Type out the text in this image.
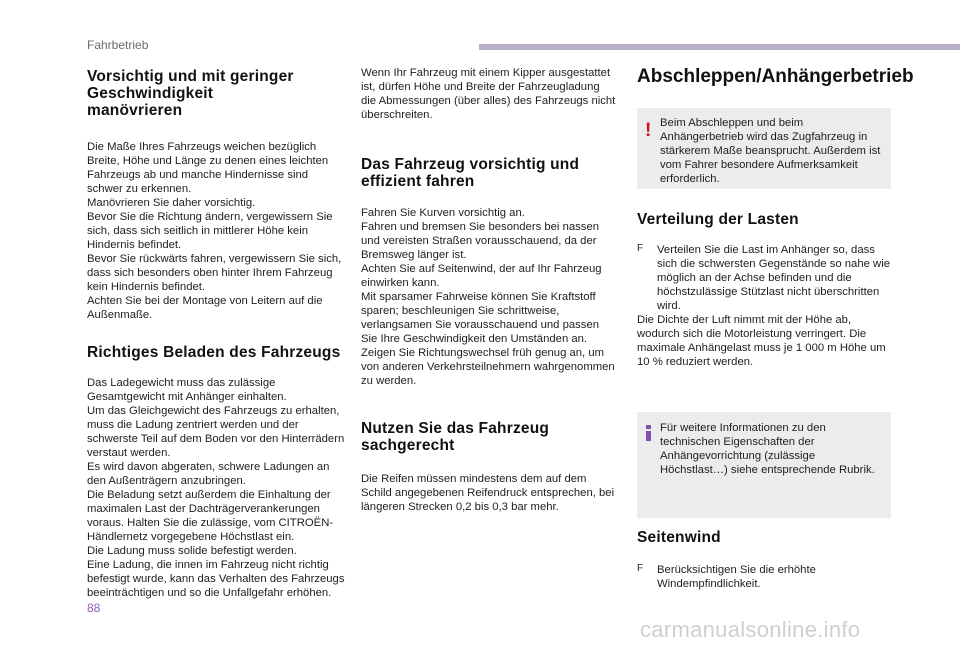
Fahrbetrieb
Vorsichtig und mit geringer Geschwindigkeit manövrieren

Die Maße Ihres Fahrzeugs weichen bezüglich Breite, Höhe und Länge zu denen eines leichten Fahrzeugs ab und manche Hindernisse sind schwer zu erkennen.
Manövrieren Sie daher vorsichtig.
Bevor Sie die Richtung ändern, vergewissern Sie sich, dass sich seitlich in mittlerer Höhe kein Hindernis befindet.
Bevor Sie rückwärts fahren, vergewissern Sie sich, dass sich besonders oben hinter Ihrem Fahrzeug kein Hindernis befindet.
Achten Sie bei der Montage von Leitern auf die Außenmaße.

Richtiges Beladen des Fahrzeugs

Das Ladegewicht muss das zulässige Gesamtgewicht mit Anhänger einhalten.
Um das Gleichgewicht des Fahrzeugs zu erhalten, muss die Ladung zentriert werden und der schwerste Teil auf dem Boden vor den Hinterrädern verstaut werden.
Es wird davon abgeraten, schwere Ladungen an den Außenträgern anzubringen.
Die Beladung setzt außerdem die Einhaltung der maximalen Last der Dachträgerverankerungen voraus. Halten Sie die zulässige, vom CITROËN-Händlernetz vorgegebene Höchstlast ein.
Die Ladung muss solide befestigt werden.
Eine Ladung, die innen im Fahrzeug nicht richtig befestigt wurde, kann das Verhalten des Fahrzeugs beeinträchtigen und so die Unfallgefahr erhöhen.

Wenn Ihr Fahrzeug mit einem Kipper ausgestattet ist, dürfen Höhe und Breite der Fahrzeugladung die Abmessungen (über alles) des Fahrzeugs nicht überschreiten.

Das Fahrzeug vorsichtig und effizient fahren

Fahren Sie Kurven vorsichtig an.
Fahren und bremsen Sie besonders bei nassen und vereisten Straßen vorausschauend, da der Bremsweg länger ist.
Achten Sie auf Seitenwind, der auf Ihr Fahrzeug einwirken kann.
Mit sparsamer Fahrweise können Sie Kraftstoff sparen; beschleunigen Sie schrittweise, verlangsamen Sie vorausschauend und passen Sie Ihre Geschwindigkeit den Umständen an.
Zeigen Sie Richtungswechsel früh genug an, um von anderen Verkehrsteilnehmern wahrgenommen zu werden.

Nutzen Sie das Fahrzeug sachgerecht

Die Reifen müssen mindestens dem auf dem Schild angegebenen Reifendruck entsprechen, bei längeren Strecken 0,2 bis 0,3 bar mehr.

Abschleppen/Anhängerbetrieb
! Beim Abschleppen und beim Anhängerbetrieb wird das Zugfahrzeug in stärkerem Maße beansprucht. Außerdem ist vom Fahrer besondere Aufmerksamkeit erforderlich.

Verteilung der Lasten
F Verteilen Sie die Last im Anhänger so, dass sich die schwersten Gegenstände so nahe wie möglich an der Achse befinden und die höchstzulässige Stützlast nicht überschritten wird.

Die Dichte der Luft nimmt mit der Höhe ab, wodurch sich die Motorleistung verringert. Die maximale Anhängelast muss je 1 000 m Höhe um 10 % reduziert werden.

Für weitere Informationen zu den technischen Eigenschaften der Anhängevorrichtung (zulässige Höchstlast…) siehe entsprechende Rubrik.

Seitenwind
F Berücksichtigen Sie die erhöhte Windempfindlichkeit.

88
carmanualsonline.info
